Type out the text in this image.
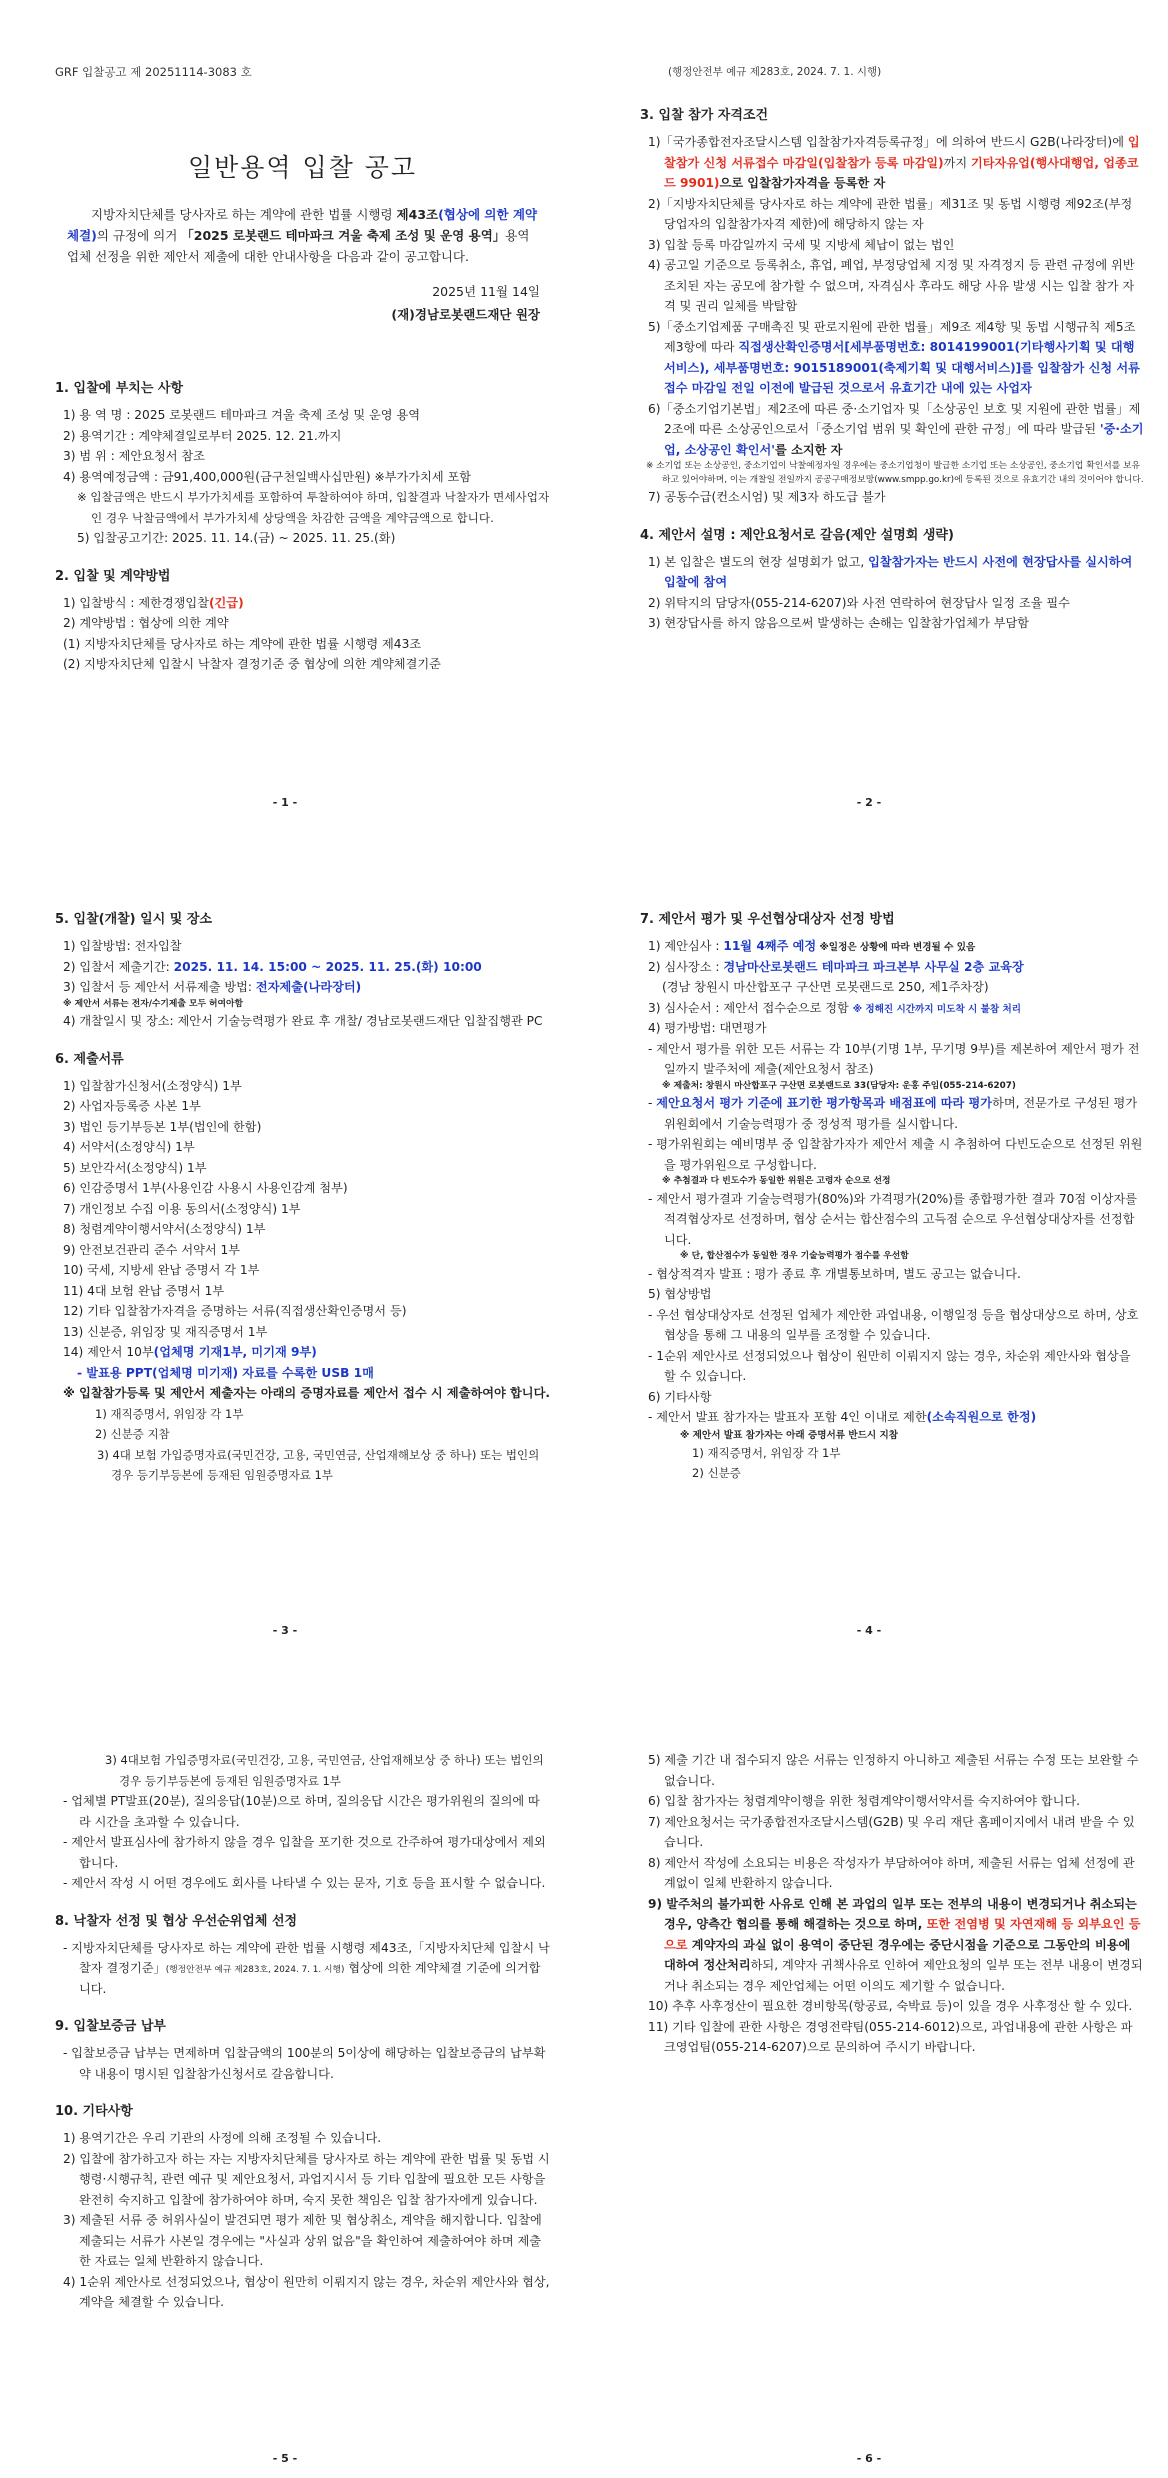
GRF 입찰공고 제 20251114-3083 호
일반용역 입찰 공고
지방자치단체를 당사자로 하는 계약에 관한 법률 시행령 제43조(협상에 의한 계약체결)의 규정에 의거 「2025 로봇랜드 테마파크 겨울 축제 조성 및 운영 용역」용역업체 선정을 위한 제안서 제출에 대한 안내사항을 다음과 같이 공고합니다.
2025년 11월 14일
(재)경남로봇랜드재단 원장
1. 입찰에 부치는 사항
1) 용 역 명 : 2025 로봇랜드 테마파크 겨울 축제 조성 및 운영 용역
2) 용역기간 : 계약체결일로부터 2025. 12. 21.까지
3) 범 위 : 제안요청서 참조
4) 용역예정금액 : 금91,400,000원(금구천일백사십만원) ※부가가치세 포함
※ 입찰금액은 반드시 부가가치세를 포함하여 투찰하여야 하며, 입찰결과 낙찰자가 면세사업자인 경우 낙찰금액에서 부가가치세 상당액을 차감한 금액을 계약금액으로 합니다.
5) 입찰공고기간: 2025. 11. 14.(금) ~ 2025. 11. 25.(화)
2. 입찰 및 계약방법
1) 입찰방식 : 제한경쟁입찰(긴급)
2) 계약방법 : 협상에 의한 계약
(1) 지방자치단체를 당사자로 하는 계약에 관한 법률 시행령 제43조
(2) 지방자치단체 입찰시 낙찰자 결정기준 중 협상에 의한 계약체결기준
- 1 -
(행정안전부 예규 제283호, 2024. 7. 1. 시행)
3. 입찰 참가 자격조건
1)「국가종합전자조달시스템 입찰참가자격등록규정」에 의하여 반드시 G2B(나라장터)에 입찰참가 신청 서류접수 마감일(입찰참가 등록 마감일)까지 기타자유업(행사대행업, 업종코드 9901)으로 입찰참가자격을 등록한 자
2)「지방자치단체를 당사자로 하는 계약에 관한 법률」제31조 및 동법 시행령 제92조(부정당업자의 입찰참가자격 제한)에 해당하지 않는 자
3) 입찰 등록 마감일까지 국세 및 지방세 체납이 없는 법인
4) 공고일 기준으로 등록취소, 휴업, 폐업, 부정당업체 지정 및 자격정지 등 관련 규정에 위반 조치된 자는 공모에 참가할 수 없으며, 자격심사 후라도 해당 사유 발생 시는 입찰 참가 자격 및 권리 일체를 박탈함
5)「중소기업제품 구매촉진 및 판로지원에 관한 법률」제9조 제4항 및 동법 시행규칙 제5조 제3항에 따라 직접생산확인증명서[세부품명번호: 8014199001(기타행사기획 및 대행서비스), 세부품명번호: 9015189001(축제기획 및 대행서비스)]를 입찰참가 신청 서류접수 마감일 전일 이전에 발급된 것으로서 유효기간 내에 있는 사업자
6)「중소기업기본법」제2조에 따른 중·소기업자 및「소상공인 보호 및 지원에 관한 법률」제2조에 따른 소상공인으로서「중소기업 범위 및 확인에 관한 규정」에 따라 발급된 '중·소기업, 소상공인 확인서'를 소지한 자
※ 소기업 또는 소상공인, 중소기업이 낙찰예정자일 경우에는 중소기업청이 발급한 소기업 또는 소상공인, 중소기업 확인서를 보유하고 있어야하며, 이는 개찰일 전일까지 공공구매정보망(www.smpp.go.kr)에 등록된 것으로 유효기간 내의 것이어야 합니다.
7) 공동수급(컨소시엄) 및 제3자 하도급 불가
4. 제안서 설명 : 제안요청서로 갈음(제안 설명회 생략)
1) 본 입찰은 별도의 현장 설명회가 없고, 입찰참가자는 반드시 사전에 현장답사를 실시하여 입찰에 참여
2) 위탁지의 담당자(055-214-6207)와 사전 연락하여 현장답사 일정 조율 필수
3) 현장답사를 하지 않음으로써 발생하는 손해는 입찰참가업체가 부담함
- 2 -
5. 입찰(개찰) 일시 및 장소
1) 입찰방법: 전자입찰
2) 입찰서 제출기간: 2025. 11. 14. 15:00 ~ 2025. 11. 25.(화) 10:00
3) 입찰서 등 제안서 서류제출 방법: 전자제출(나라장터)
※ 제안서 서류는 전자/수기제출 모두 허여아함
4) 개찰일시 및 장소: 제안서 기술능력평가 완료 후 개찰/ 경남로봇랜드재단 입찰집행관 PC
6. 제출서류
1) 입찰참가신청서(소정양식) 1부
2) 사업자등록증 사본 1부
3) 법인 등기부등본 1부(법인에 한함)
4) 서약서(소정양식) 1부
5) 보안각서(소정양식) 1부
6) 인감증명서 1부(사용인감 사용시 사용인감계 첨부)
7) 개인정보 수집 이용 동의서(소정양식) 1부
8) 청렴계약이행서약서(소정양식) 1부
9) 안전보건관리 준수 서약서 1부
10) 국세, 지방세 완납 증명서 각 1부
11) 4대 보험 완납 증명서 1부
12) 기타 입찰참가자격을 증명하는 서류(직접생산확인증명서 등)
13) 신분증, 위임장 및 재직증명서 1부
14) 제안서 10부(업체명 기재1부, 미기재 9부)
- 발표용 PPT(업체명 미기재) 자료를 수록한 USB 1매
※ 입찰참가등록 및 제안서 제출자는 아래의 증명자료를 제안서 접수 시 제출하여야 합니다.
1) 재직증명서, 위임장 각 1부
2) 신분증 지참
3) 4대 보험 가입증명자료(국민건강, 고용, 국민연금, 산업재해보상 중 하나) 또는 법인의 경우 등기부등본에 등재된 임원증명자료 1부
- 3 -
7. 제안서 평가 및 우선협상대상자 선정 방법
1) 제안심사 : 11월 4째주 예정 ※일정은 상황에 따라 변경될 수 있음
2) 심사장소 : 경남마산로봇랜드 테마파크 파크본부 사무실 2층 교육장
(경남 창원시 마산합포구 구산면 로봇랜드로 250, 제1주차장)
3) 심사순서 : 제안서 접수순으로 정함 ※ 정해진 시간까지 미도착 시 불참 처리
4) 평가방법: 대면평가
- 제안서 평가를 위한 모든 서류는 각 10부(기명 1부, 무기명 9부)를 제본하여 제안서 평가 전일까지 발주처에 제출(제안요청서 참조)
※ 제출처: 창원시 마산합포구 구산면 로봇랜드로 33(담당자: 운홍 주임(055-214-6207)
- 제안요청서 평가 기준에 표기한 평가항목과 배점표에 따라 평가하며, 전문가로 구성된 평가위원회에서 기술능력평가 중 정성적 평가를 실시합니다.
- 평가위원회는 예비명부 중 입찰참가자가 제안서 제출 시 추첨하여 다빈도순으로 선정된 위원을 평가위원으로 구성합니다.
※ 추첨결과 다 빈도수가 동일한 위원은 고령자 순으로 선정
- 제안서 평가결과 기술능력평가(80%)와 가격평가(20%)를 종합평가한 결과 70점 이상자를 적격협상자로 선정하며, 협상 순서는 합산점수의 고득점 순으로 우선협상대상자를 선정합니다.
※ 단, 합산점수가 동일한 경우 기술능력평가 점수를 우선함
- 협상적격자 발표 : 평가 종료 후 개별통보하며, 별도 공고는 없습니다.
5) 협상방법
- 우선 협상대상자로 선정된 업체가 제안한 과업내용, 이행일정 등을 협상대상으로 하며, 상호 협상을 통해 그 내용의 일부를 조정할 수 있습니다.
- 1순위 제안사로 선정되었으나 협상이 원만히 이뤄지지 않는 경우, 차순위 제안사와 협상을 할 수 있습니다.
6) 기타사항
- 제안서 발표 참가자는 발표자 포함 4인 이내로 제한(소속직원으로 한정)
※ 제안서 발표 참가자는 아래 증명서류 반드시 지참
1) 재직증명서, 위임장 각 1부
2) 신분증
- 4 -
3) 4대보험 가입증명자료(국민건강, 고용, 국민연금, 산업재해보상 중 하나) 또는 법인의 경우 등기부등본에 등재된 임원증명자료 1부
- 업체별 PT발표(20분), 질의응답(10분)으로 하며, 질의응답 시간은 평가위원의 질의에 따라 시간을 초과할 수 있습니다.
- 제안서 발표심사에 참가하지 않을 경우 입찰을 포기한 것으로 간주하여 평가대상에서 제외합니다.
- 제안서 작성 시 어떤 경우에도 회사를 나타낼 수 있는 문자, 기호 등을 표시할 수 없습니다.
8. 낙찰자 선정 및 협상 우선순위업체 선정
- 지방자치단체를 당사자로 하는 계약에 관한 법률 시행령 제43조,「지방자치단체 입찰시 낙찰자 결정기준」(행정안전부 예규 제283호, 2024. 7. 1. 시행) 협상에 의한 계약체결 기준에 의거합니다.
9. 입찰보증금 납부
- 입찰보증금 납부는 면제하며 입찰금액의 100분의 5이상에 해당하는 입찰보증금의 납부확약 내용이 명시된 입찰참가신청서로 갈음합니다.
10. 기타사항
1) 용역기간은 우리 기관의 사정에 의해 조정될 수 있습니다.
2) 입찰에 참가하고자 하는 자는 지방자치단체를 당사자로 하는 계약에 관한 법률 및 동법 시행령·시행규칙, 관련 예규 및 제안요청서, 과업지시서 등 기타 입찰에 필요한 모든 사항을 완전히 숙지하고 입찰에 참가하여야 하며, 숙지 못한 책임은 입찰 참가자에게 있습니다.
3) 제출된 서류 중 허위사실이 발견되면 평가 제한 및 협상취소, 계약을 해지합니다. 입찰에 제출되는 서류가 사본일 경우에는 "사실과 상위 없음"을 확인하여 제출하여야 하며 제출한 자료는 일체 반환하지 않습니다.
4) 1순위 제안사로 선정되었으나, 협상이 원만히 이뤄지지 않는 경우, 차순위 제안사와 협상, 계약을 체결할 수 있습니다.
- 5 -
5) 제출 기간 내 접수되지 않은 서류는 인정하지 아니하고 제출된 서류는 수정 또는 보완할 수 없습니다.
6) 입찰 참가자는 청렴계약이행을 위한 청렴계약이행서약서를 숙지하여야 합니다.
7) 제안요청서는 국가종합전자조달시스템(G2B) 및 우리 재단 홈페이지에서 내려 받을 수 있습니다.
8) 제안서 작성에 소요되는 비용은 작성자가 부담하여야 하며, 제출된 서류는 업체 선정에 관계없이 일체 반환하지 않습니다.
9) 발주처의 불가피한 사유로 인해 본 과업의 일부 또는 전부의 내용이 변경되거나 취소되는 경우, 양측간 협의를 통해 해결하는 것으로 하며, 또한 전염병 및 자연재해 등 외부요인 등으로 계약자의 과실 없이 용역이 중단된 경우에는 중단시점을 기준으로 그동안의 비용에 대하여 정산처리하되, 계약자 귀책사유로 인하여 제안요청의 일부 또는 전부 내용이 변경되거나 취소되는 경우 제안업체는 어떤 이의도 제기할 수 없습니다.
10) 추후 사후정산이 필요한 경비항목(항공료, 숙박료 등)이 있을 경우 사후정산 할 수 있다.
11) 기타 입찰에 관한 사항은 경영전략팀(055-214-6012)으로, 과업내용에 관한 사항은 파크영업팀(055-214-6207)으로 문의하여 주시기 바랍니다.
- 6 -
